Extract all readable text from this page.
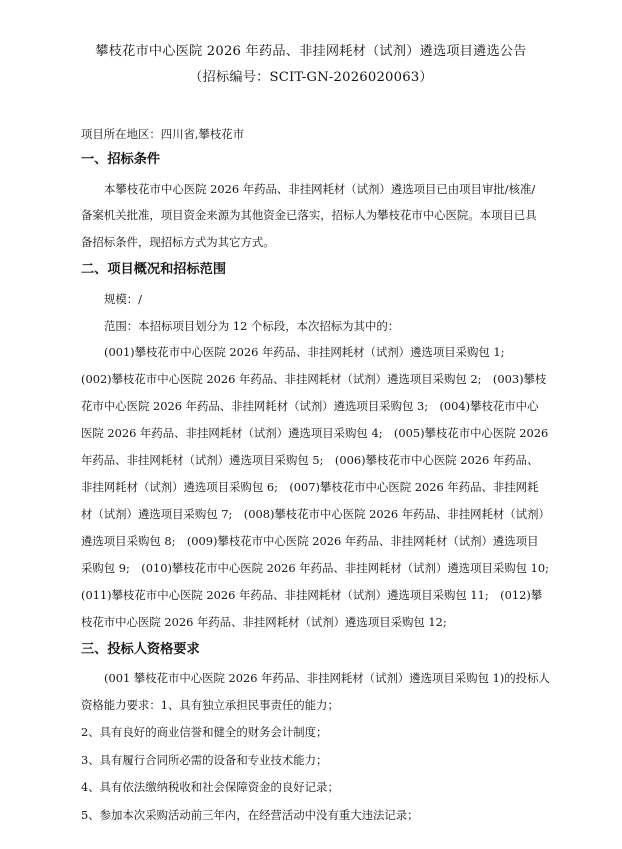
攀枝花市中心医院 2026 年药品、非挂网耗材（试剂）遴选项目遴选公告
（招标编号：SCIT-GN-2026020063）
项目所在地区：四川省,攀枝花市
一、招标条件
本攀枝花市中心医院 2026 年药品、非挂网耗材（试剂）遴选项目已由项目审批/核准/
备案机关批准，项目资金来源为其他资金已落实，招标人为攀枝花市中心医院。本项目已具
备招标条件，现招标方式为其它方式。
二、项目概况和招标范围
规模：/
范围：本招标项目划分为 12 个标段，本次招标为其中的：
(001)攀枝花市中心医院 2026 年药品、非挂网耗材（试剂）遴选项目采购包 1;
(002)攀枝花市中心医院 2026 年药品、非挂网耗材（试剂）遴选项目采购包 2;　(003)攀枝
花市中心医院 2026 年药品、非挂网耗材（试剂）遴选项目采购包 3;　(004)攀枝花市中心
医院 2026 年药品、非挂网耗材（试剂）遴选项目采购包 4;　(005)攀枝花市中心医院 2026
年药品、非挂网耗材（试剂）遴选项目采购包 5;　(006)攀枝花市中心医院 2026 年药品、
非挂网耗材（试剂）遴选项目采购包 6;　(007)攀枝花市中心医院 2026 年药品、非挂网耗
材（试剂）遴选项目采购包 7;　(008)攀枝花市中心医院 2026 年药品、非挂网耗材（试剂）
遴选项目采购包 8;　(009)攀枝花市中心医院 2026 年药品、非挂网耗材（试剂）遴选项目
采购包 9;　(010)攀枝花市中心医院 2026 年药品、非挂网耗材（试剂）遴选项目采购包 10;
(011)攀枝花市中心医院 2026 年药品、非挂网耗材（试剂）遴选项目采购包 11;　(012)攀
枝花市中心医院 2026 年药品、非挂网耗材（试剂）遴选项目采购包 12;
三、投标人资格要求
(001 攀枝花市中心医院 2026 年药品、非挂网耗材（试剂）遴选项目采购包 1)的投标人
资格能力要求：1、具有独立承担民事责任的能力；
2、具有良好的商业信誉和健全的财务会计制度；
3、具有履行合同所必需的设备和专业技术能力；
4、具有依法缴纳税收和社会保障资金的良好记录；
5、参加本次采购活动前三年内，在经营活动中没有重大违法记录；
